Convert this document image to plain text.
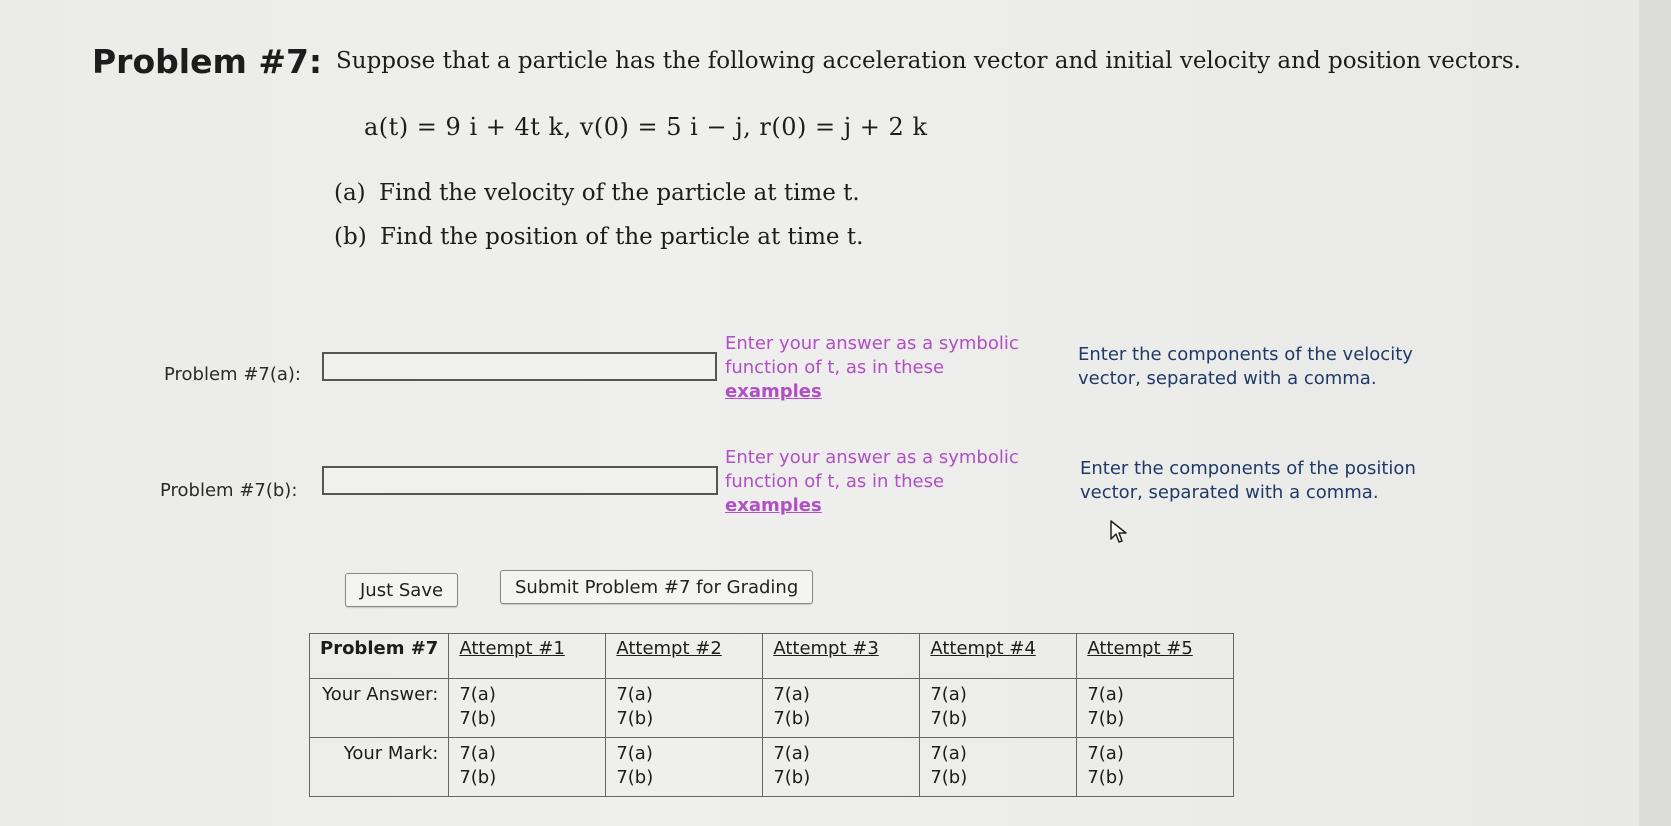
Problem #7: Suppose that a particle has the following acceleration vector and initial velocity and position vectors.
a(t) = 9 i + 4t k, v(0) = 5 i − j, r(0) = j + 2 k
(a) Find the velocity of the particle at time t.
(b) Find the position of the particle at time t.
Problem #7(a):
Enter your answer as a symbolic function of t, as in these
examples
Enter the components of the velocity vector, separated with a comma.
Problem #7(b):
Enter your answer as a symbolic function of t, as in these
examples
Enter the components of the position vector, separated with a comma.
Just Save	Submit Problem #7 for Grading
Problem #7	Attempt #1	Attempt #2	Attempt #3	Attempt #4	Attempt #5
Your Answer:	7(a)
7(b)	7(a)
7(b)	7(a)
7(b)	7(a)
7(b)	7(a)
7(b)

Your Mark:	7(a)
7(b)	7(a)
7(b)	7(a)
7(b)	7(a)
7(b)	7(a)
7(b)
